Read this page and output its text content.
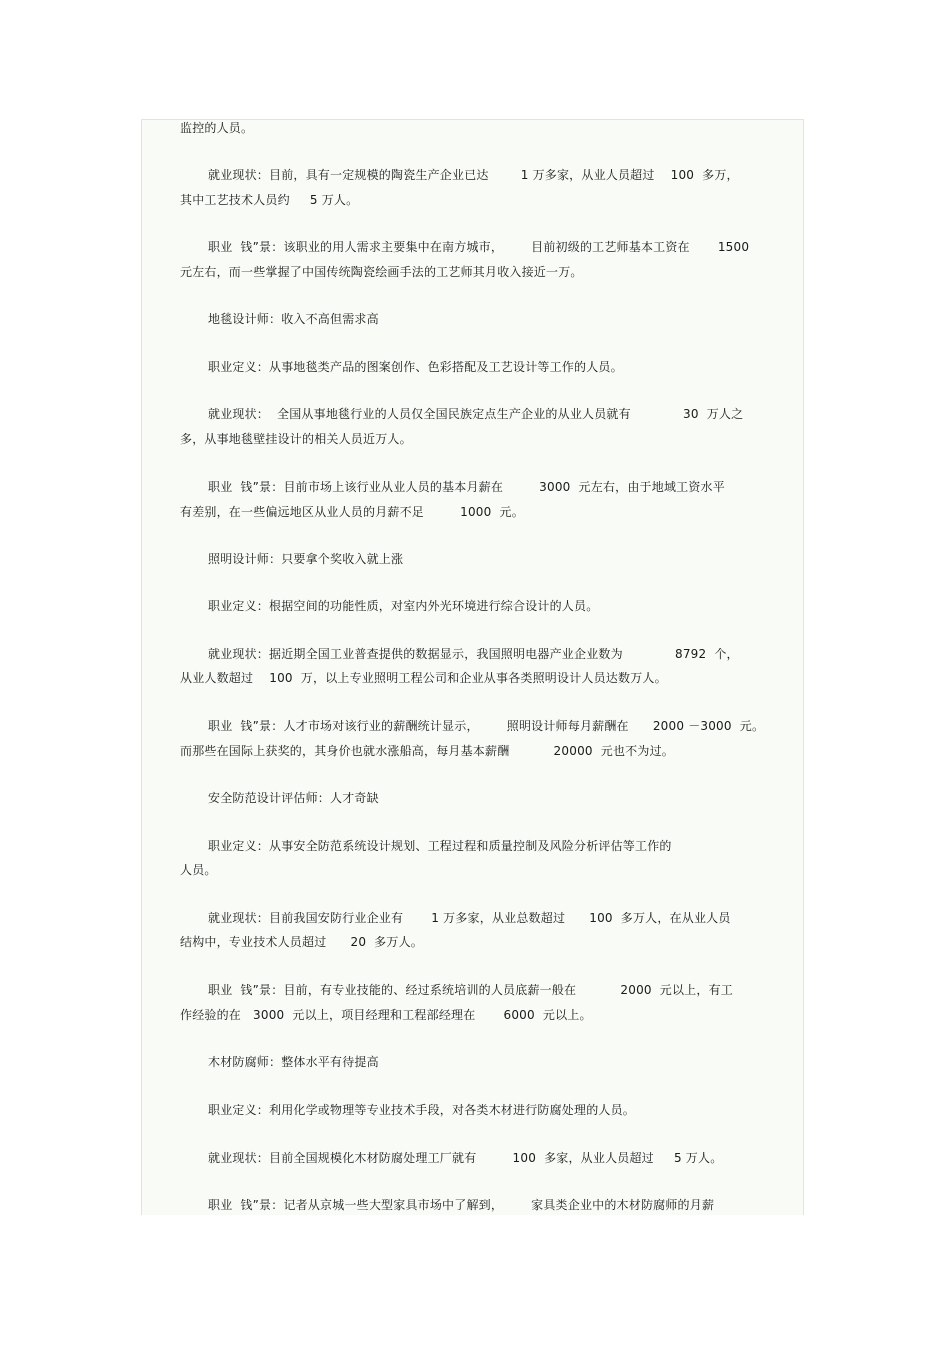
监控的人员。
就业现状：目前，具有一定规模的陶瓷生产企业已达        1 万多家，从业人员超过    100  多万，
其中工艺技术人员约     5 万人。
职业  钱”景：该职业的用人需求主要集中在南方城市，       目前初级的工艺师基本工资在       1500
元左右，而一些掌握了中国传统陶瓷绘画手法的工艺师其月收入接近一万。
地毯设计师：收入不高但需求高
职业定义：从事地毯类产品的图案创作、色彩搭配及工艺设计等工作的人员。
就业现状：  全国从事地毯行业的人员仅全国民族定点生产企业的从业人员就有             30  万人之
多，从事地毯壁挂设计的相关人员近万人。
职业  钱”景：目前市场上该行业从业人员的基本月薪在         3000  元左右，由于地域工资水平
有差别，在一些偏远地区从业人员的月薪不足         1000  元。
照明设计师：只要拿个奖收入就上涨
职业定义：根据空间的功能性质，对室内外光环境进行综合设计的人员。
就业现状：据近期全国工业普查提供的数据显示，我国照明电器产业企业数为             8792  个，
从业人数超过    100  万，以上专业照明工程公司和企业从事各类照明设计人员达数万人。
职业  钱”景：人才市场对该行业的薪酬统计显示，       照明设计师每月薪酬在      2000 －3000  元。
而那些在国际上获奖的，其身价也就水涨船高，每月基本薪酬           20000  元也不为过。
安全防范设计评估师：人才奇缺
职业定义：从事安全防范系统设计规划、工程过程和质量控制及风险分析评估等工作的
人员。
就业现状：目前我国安防行业企业有       1 万多家，从业总数超过      100  多万人，在从业人员
结构中，专业技术人员超过      20  多万人。
职业  钱”景：目前，有专业技能的、经过系统培训的人员底薪一般在           2000  元以上，有工
作经验的在   3000  元以上，项目经理和工程部经理在       6000  元以上。
木材防腐师：整体水平有待提高
职业定义：利用化学或物理等专业技术手段，对各类木材进行防腐处理的人员。
就业现状：目前全国规模化木材防腐处理工厂就有         100  多家，从业人员超过     5 万人。
职业  钱”景：记者从京城一些大型家具市场中了解到，       家具类企业中的木材防腐师的月薪
